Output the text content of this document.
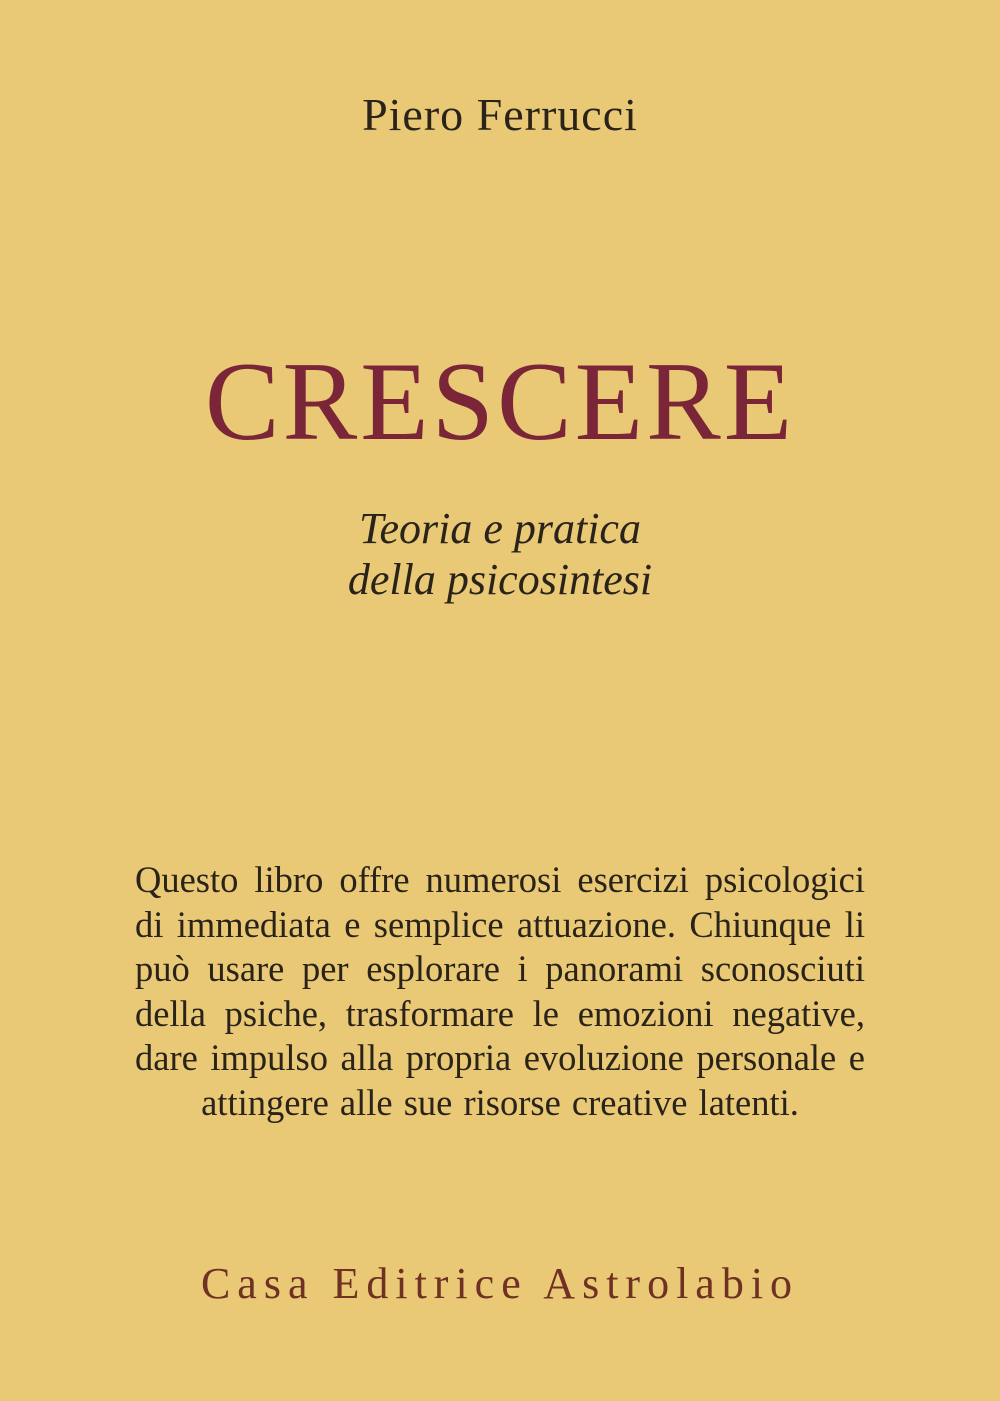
Piero Ferrucci
CRESCERE
Teoria e pratica
della psicosintesi
Questo libro offre numerosi esercizi psicologici di immediata e semplice attuazione. Chiunque li può usare per esplorare i panorami sconosciuti della psiche, trasformare le emozioni negative, dare impulso alla propria evoluzione personale e attingere alle sue risorse creative latenti.
Casa Editrice Astrolabio
